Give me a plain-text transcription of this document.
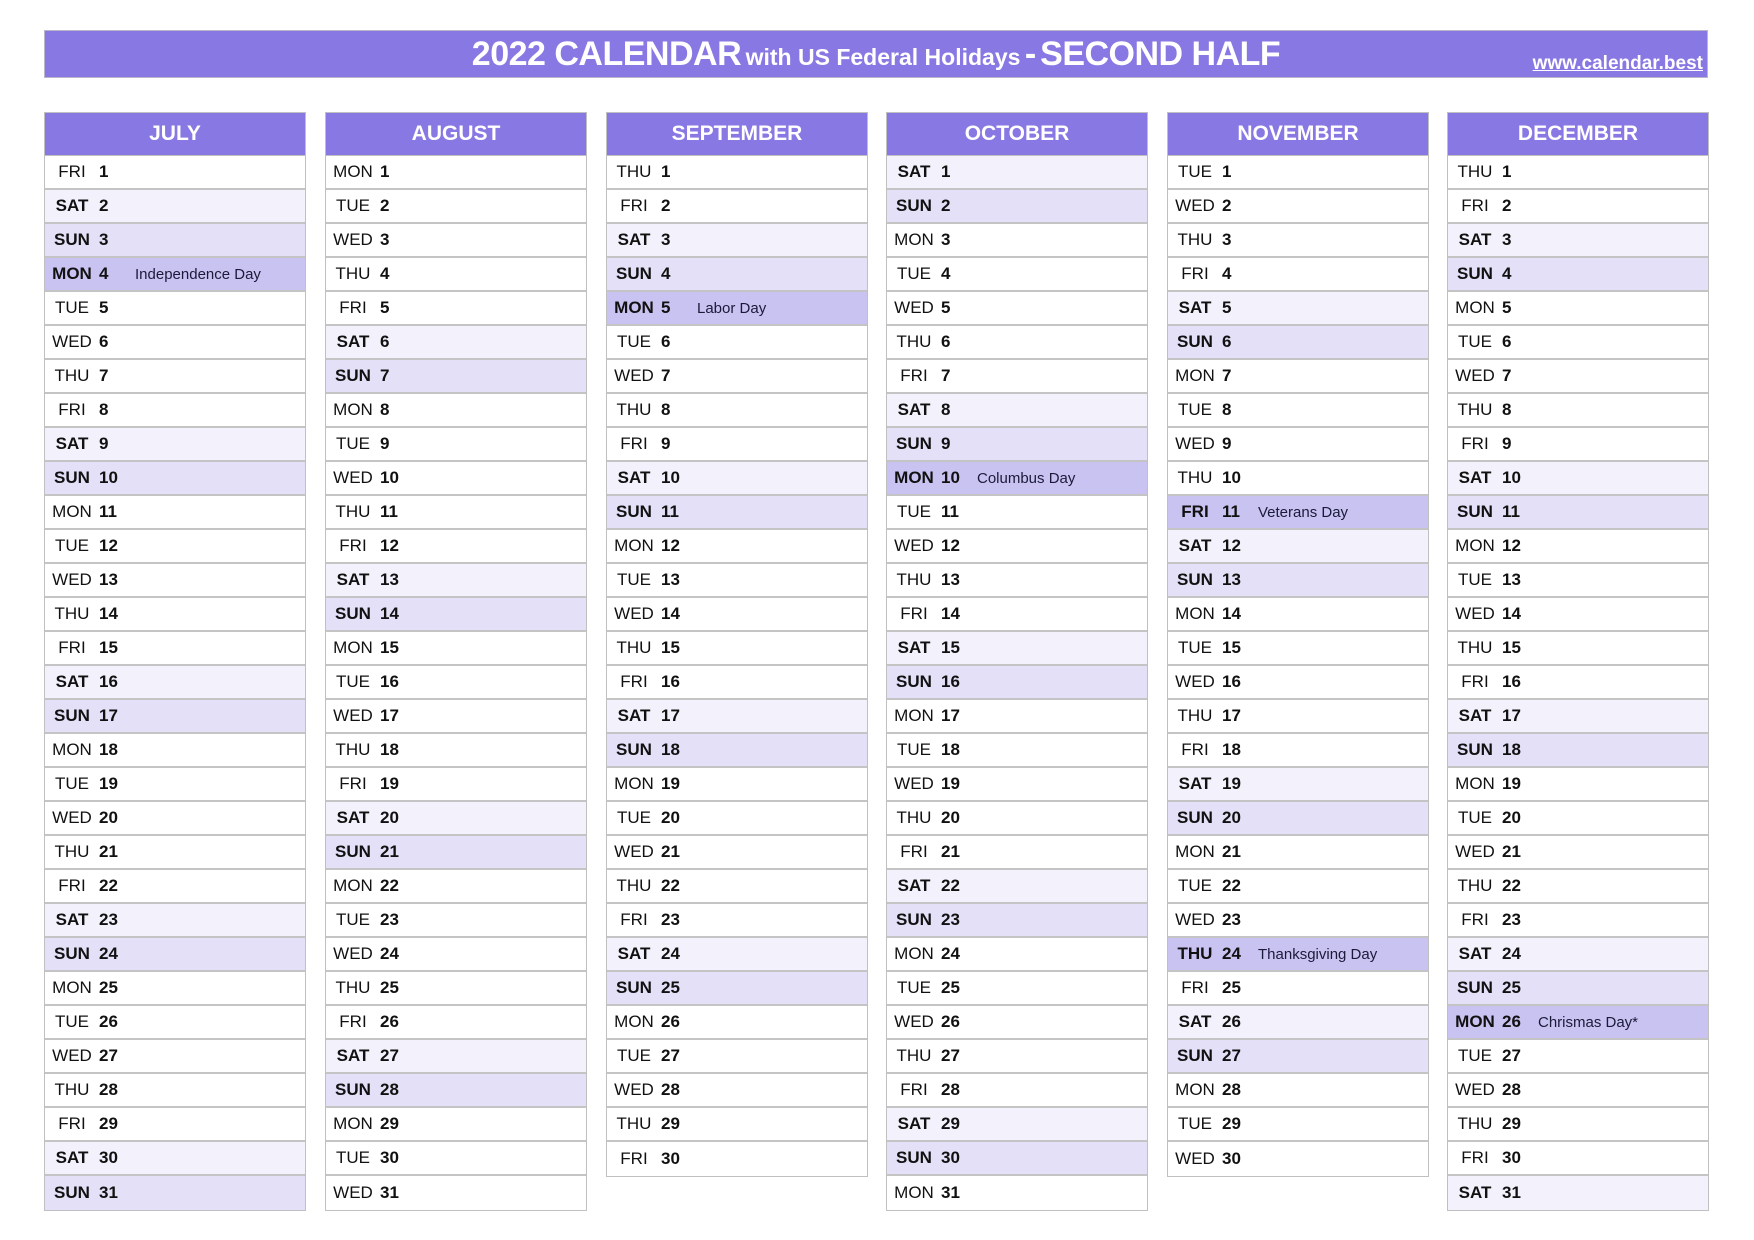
2022 CALENDAR with US Federal Holidays - SECOND HALF	www.calendar.best
JULY
FRI 1
SAT 2
SUN 3
MON 4	Independence Day
TUE 5
WED 6
THU 7
FRI 8
SAT 9
SUN 10
MON 11
TUE 12
WED 13
THU 14
FRI 15
SAT 16
SUN 17
MON 18
TUE 19
WED 20
THU 21
FRI 22
SAT 23
SUN 24
MON 25
TUE 26
WED 27
THU 28
FRI 29
SAT 30
SUN 31
AUGUST
MON 1
TUE 2
WED 3
THU 4
FRI 5
SAT 6
SUN 7
MON 8
TUE 9
WED 10
THU 11
FRI 12
SAT 13
SUN 14
MON 15
TUE 16
WED 17
THU 18
FRI 19
SAT 20
SUN 21
MON 22
TUE 23
WED 24
THU 25
FRI 26
SAT 27
SUN 28
MON 29
TUE 30
WED 31
SEPTEMBER
THU 1
FRI 2
SAT 3
SUN 4
MON 5	Labor Day
TUE 6
WED 7
THU 8
FRI 9
SAT 10
SUN 11
MON 12
TUE 13
WED 14
THU 15
FRI 16
SAT 17
SUN 18
MON 19
TUE 20
WED 21
THU 22
FRI 23
SAT 24
SUN 25
MON 26
TUE 27
WED 28
THU 29
FRI 30
OCTOBER
SAT 1
SUN 2
MON 3
TUE 4
WED 5
THU 6
FRI 7
SAT 8
SUN 9
MON 10	Columbus Day
TUE 11
WED 12
THU 13
FRI 14
SAT 15
SUN 16
MON 17
TUE 18
WED 19
THU 20
FRI 21
SAT 22
SUN 23
MON 24
TUE 25
WED 26
THU 27
FRI 28
SAT 29
SUN 30
MON 31
NOVEMBER
TUE 1
WED 2
THU 3
FRI 4
SAT 5
SUN 6
MON 7
TUE 8
WED 9
THU 10
FRI 11	Veterans Day
SAT 12
SUN 13
MON 14
TUE 15
WED 16
THU 17
FRI 18
SAT 19
SUN 20
MON 21
TUE 22
WED 23
THU 24	Thanksgiving Day
FRI 25
SAT 26
SUN 27
MON 28
TUE 29
WED 30
DECEMBER
THU 1
FRI 2
SAT 3
SUN 4
MON 5
TUE 6
WED 7
THU 8
FRI 9
SAT 10
SUN 11
MON 12
TUE 13
WED 14
THU 15
FRI 16
SAT 17
SUN 18
MON 19
TUE 20
WED 21
THU 22
FRI 23
SAT 24
SUN 25
MON 26	Chrismas Day*
TUE 27
WED 28
THU 29
FRI 30
SAT 31
